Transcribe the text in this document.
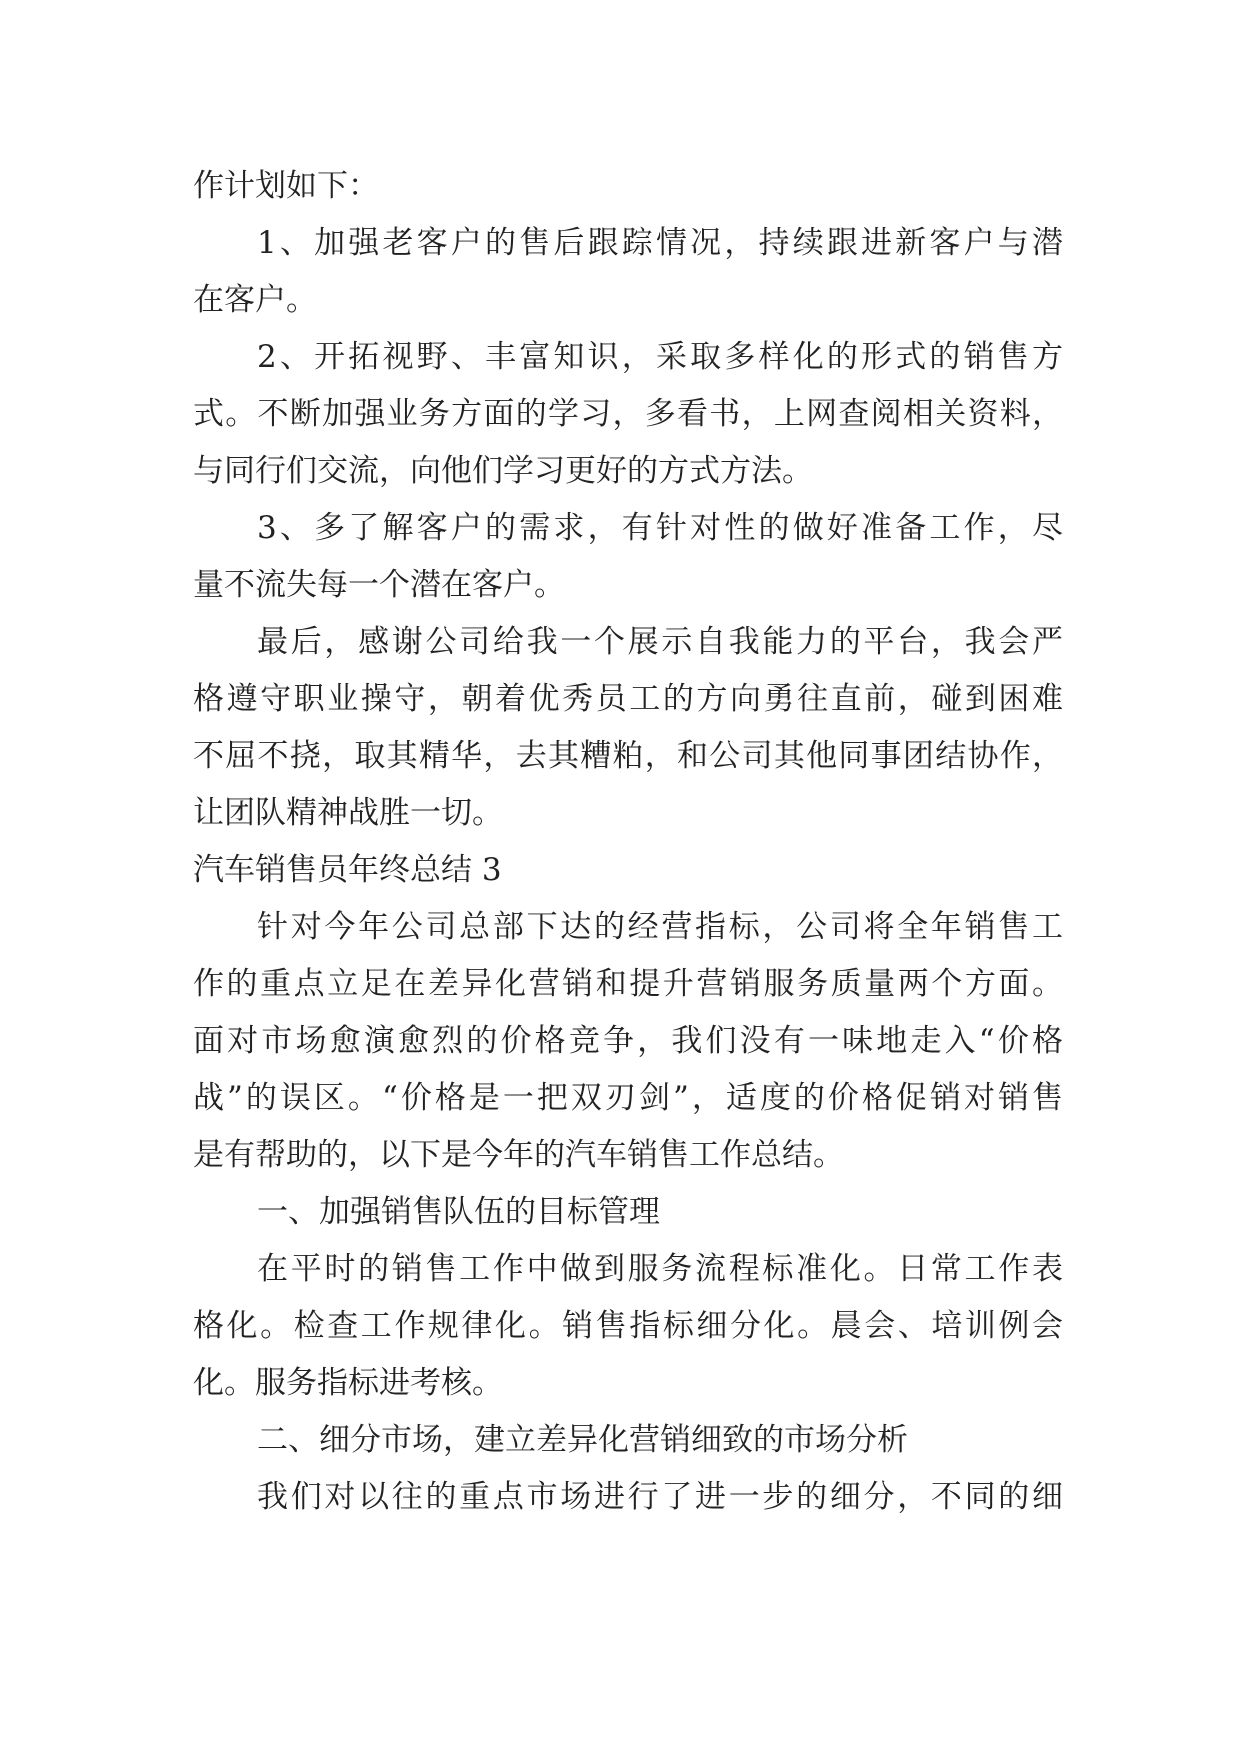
作计划如下：
1、加强老客户的售后跟踪情况，持续跟进新客户与潜
在客户。
2、开拓视野、丰富知识，采取多样化的形式的销售方
式。不断加强业务方面的学习，多看书，上网查阅相关资料，
与同行们交流，向他们学习更好的方式方法。
3、多了解客户的需求，有针对性的做好准备工作，尽
量不流失每一个潜在客户。
最后，感谢公司给我一个展示自我能力的平台，我会严
格遵守职业操守，朝着优秀员工的方向勇往直前，碰到困难
不屈不挠，取其精华，去其糟粕，和公司其他同事团结协作，
让团队精神战胜一切。
汽车销售员年终总结 3
针对今年公司总部下达的经营指标，公司将全年销售工
作的重点立足在差异化营销和提升营销服务质量两个方面。
面对市场愈演愈烈的价格竞争，我们没有一味地走入“价格
战”的误区。“价格是一把双刃剑”，适度的价格促销对销售
是有帮助的，以下是今年的汽车销售工作总结。
一、加强销售队伍的目标管理
在平时的销售工作中做到服务流程标准化。日常工作表
格化。检查工作规律化。销售指标细分化。晨会、培训例会
化。服务指标进考核。
二、细分市场，建立差异化营销细致的市场分析
我们对以往的重点市场进行了进一步的细分，不同的细
